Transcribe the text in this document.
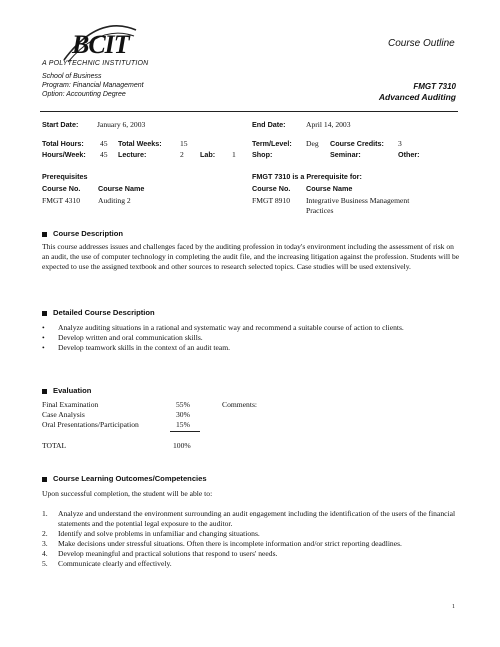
BCIT
A POLYTECHNIC INSTITUTION
Course Outline
School of Business
Program: Financial Management
Option: Accounting Degree
FMGT 7310
Advanced Auditing
Start Date: January 6, 2003	End Date:	April 14, 2003
Total Hours: 45 Total Weeks: 15	Term/Level: Deg Course Credits: 3
Hours/Week: 45 Lecture:	2 Lab: 1 Shop:	Seminar:	Other:
Prerequisites	FMGT 7310 is a Prerequisite for:
Course No. Course Name	Course No. Course Name
FMGT 4310 Auditing 2	FMGT 8910 Integrative Business Management Practices
Course Description
This course addresses issues and challenges faced by the auditing profession in today's environment including the assessment of risk on an audit, the use of computer technology in completing the audit file, and the increasing litigation against the profession. Students will be expected to use the assigned textbook and other sources to research selected topics. Case studies will be used extensively.
Detailed Course Description
•	Analyze auditing situations in a rational and systematic way and recommend a suitable course of action to clients.
•	Develop written and oral communication skills.
•	Develop teamwork skills in the context of an audit team.
Evaluation
Final Examination	55%
Case Analysis	30%
Oral Presentations/Participation	15%
TOTAL	100%
Comments:
Course Learning Outcomes/Competencies
Upon successful completion, the student will be able to:
1.	Analyze and understand the environment surrounding an audit engagement including the identification of the users of the financial statements and the potential legal exposure to the auditor.
2.	Identify and solve problems in unfamiliar and changing situations.
3.	Make decisions under stressful situations. Often there is incomplete information and/or strict reporting deadlines.
4.	Develop meaningful and practical solutions that respond to users' needs.
5.	Communicate clearly and effectively.
1
